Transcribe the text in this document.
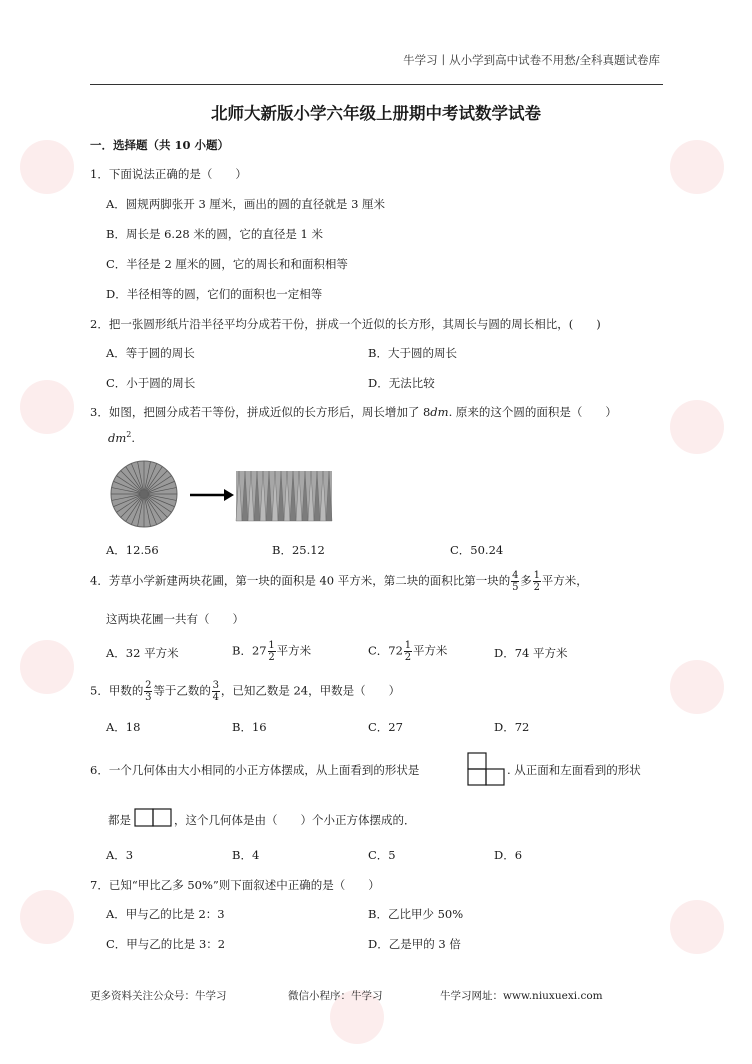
牛学习丨从小学到高中试卷不用愁/全科真题试卷库
北师大新版小学六年级上册期中考试数学试卷
一．选择题（共 10 小题）
1．下面说法正确的是（　　）
A．圆规两脚张开 3 厘米，画出的圆的直径就是 3 厘米
B．周长是 6.28 米的圆，它的直径是 1 米
C．半径是 2 厘米的圆，它的周长和和面积相等
D．半径相等的圆，它们的面积也一定相等
2．把一张圆形纸片沿半径平均分成若干份，拼成一个近似的长方形，其周长与圆的周长相比，(　　)
A．等于圆的周长	B．大于圆的周长
C．小于圆的周长	D．无法比较
3．如图，把圆分成若干等份，拼成近似的长方形后，周长增加了 8dm. 原来的这个圆的面积是（　　）
$dm^2$.
A．12.56	B．25.12	C．50.24
4．芳草小学新建两块花圃，第一块的面积是 40 平方米，第二块的面积比第一块的 $\frac{4}{5}$ 多 $\frac{1}{2}$ 平方米，
这两块花圃一共有（　　）
A．32 平方米	B．$27 \frac{1}{2}$ 平方米	C．$72 \frac{1}{2}$ 平方米	D．74 平方米
5．甲数的 $\frac{2}{3}$ 等于乙数的 $\frac{3}{4}$ ，已知乙数是 24，甲数是（　　）
A．18	B．16	C．27	D．72
6．一个几何体由大小相同的小正方体摆成，从上面看到的形状是	. 从正面和左面看到的形状
都是	，这个几何体是由（　　）个小正方体摆成的．
A．3	B．4	C．5	D．6
7．已知“甲比乙多 50%”则下面叙述中正确的是（　　）
A．甲与乙的比是 2：3	B．乙比甲少 50%
C．甲与乙的比是 3：2	D．乙是甲的 3 倍
更多资料关注公众号：牛学习	微信小程序：牛学习	牛学习网址：www.niuxuexi.com
